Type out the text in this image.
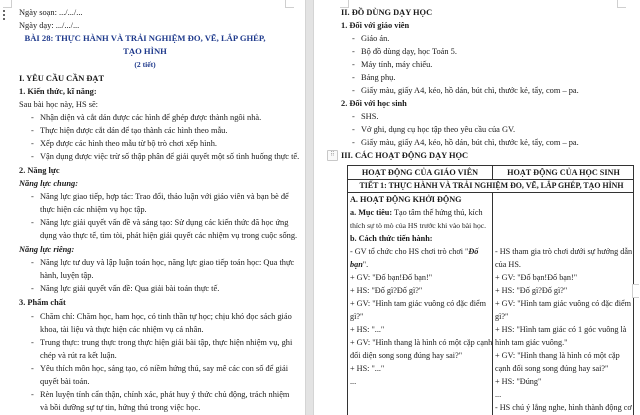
Ngày soạn: .../.../...
Ngày dạy: .../.../...
BÀI 28: THỰC HÀNH VÀ TRẢI NGHIỆM ĐO, VẼ, LẮP GHÉP,
TẠO HÌNH
(2 tiết)
I. YÊU CẦU CẦN ĐẠT
1. Kiến thức, kĩ năng:
Sau bài học này, HS sẽ:
- Nhận diện và cắt dán được các hình để ghép được thành ngôi nhà.
- Thực hiện được cắt dán để tạo thành các hình theo mẫu.
- Xếp được các hình theo mẫu từ bộ trò chơi xếp hình.
- Vận dụng được việc trừ số thập phân để giải quyết một số tình huống thực tế.
2. Năng lực
Năng lực chung:
- Năng lực giao tiếp, hợp tác: Trao đổi, thảo luận với giáo viên và bạn bè để
thực hiện các nhiệm vụ học tập.
- Năng lực giải quyết vấn đề và sáng tạo: Sử dụng các kiến thức đã học ứng
dụng vào thực tế, tìm tòi, phát hiện giải quyết các nhiệm vụ trong cuộc sống.
Năng lực riêng:
- Năng lực tư duy và lập luận toán học, năng lực giao tiếp toán học: Qua thực
hành, luyện tập.
- Năng lực giải quyết vấn đề: Qua giải bài toán thực tế.
3. Phẩm chất
- Chăm chỉ: Chăm học, ham học, có tinh thần tự học; chịu khó đọc sách giáo
khoa, tài liệu và thực hiện các nhiệm vụ cá nhân.
- Trung thực: trung thực trong thực hiện giải bài tập, thực hiện nhiệm vụ, ghi
chép và rút ra kết luận.
- Yêu thích môn học, sáng tạo, có niềm hứng thú, say mê các con số để giải
quyết bài toán.
- Rèn luyện tính cẩn thận, chính xác, phát huy ý thức chủ động, trách nhiệm
và bồi dưỡng sự tự tin, hứng thú trong việc học.
II. ĐỒ DÙNG DẠY HỌC
1. Đối với giáo viên
- Giáo án.
- Bộ đồ dùng dạy, học Toán 5.
- Máy tính, máy chiếu.
- Bảng phụ.
- Giấy màu, giấy A4, kéo, hồ dán, bút chì, thước kẻ, tẩy, com – pa.
2. Đối với học sinh
- SHS.
- Vở ghi, dụng cụ học tập theo yêu cầu của GV.
- Giấy màu, giấy A4, kéo, hồ dán, bút chì, thước kẻ, tẩy, com – pa.
⠿ III. CÁC HOẠT ĐỘNG DẠY HỌC
HOẠT ĐỘNG CỦA GIÁO VIÊN	HOẠT ĐỘNG CỦA HỌC SINH
TIẾT 1: THỰC HÀNH VÀ TRẢI NGHIỆM ĐO, VẼ, LẮP GHÉP, TẠO HÌNH
A. HOẠT ĐỘNG KHỞI ĐỘNG
a. Mục tiêu: Tạo tâm thế hứng thú, kích
thích sự tò mò của HS trước khi vào bài học.
b. Cách thức tiến hành:
- GV tổ chức cho HS chơi trò chơi "Đố
bạn".
+ GV: "Đố bạn!Đố bạn!"
+ HS: "Đố gì?Đố gì?"
+ GV: "Hình tam giác vuông có đặc điểm
gì?"
+ HS: "..."
+ GV: "Hình thang là hình có một cặp cạnh
đối diện song song đúng hay sai?"
+ HS: "..."
...
- HS tham gia trò chơi dưới sự hướng dẫn
của HS.
+ GV: "Đố bạn!Đố bạn!"
+ HS: "Đố gì?Đố gì?"
+ GV: "Hình tam giác vuông có đặc điểm
gì?"
+ HS: "Hình tam giác có 1 góc vuông là
hình tam giác vuông."
+ GV: "Hình thang là hình có một cặp
cạnh đối song song đúng hay sai?"
+ HS: "Đúng"
...
- HS chú ý lắng nghe, hình thành động cơ
